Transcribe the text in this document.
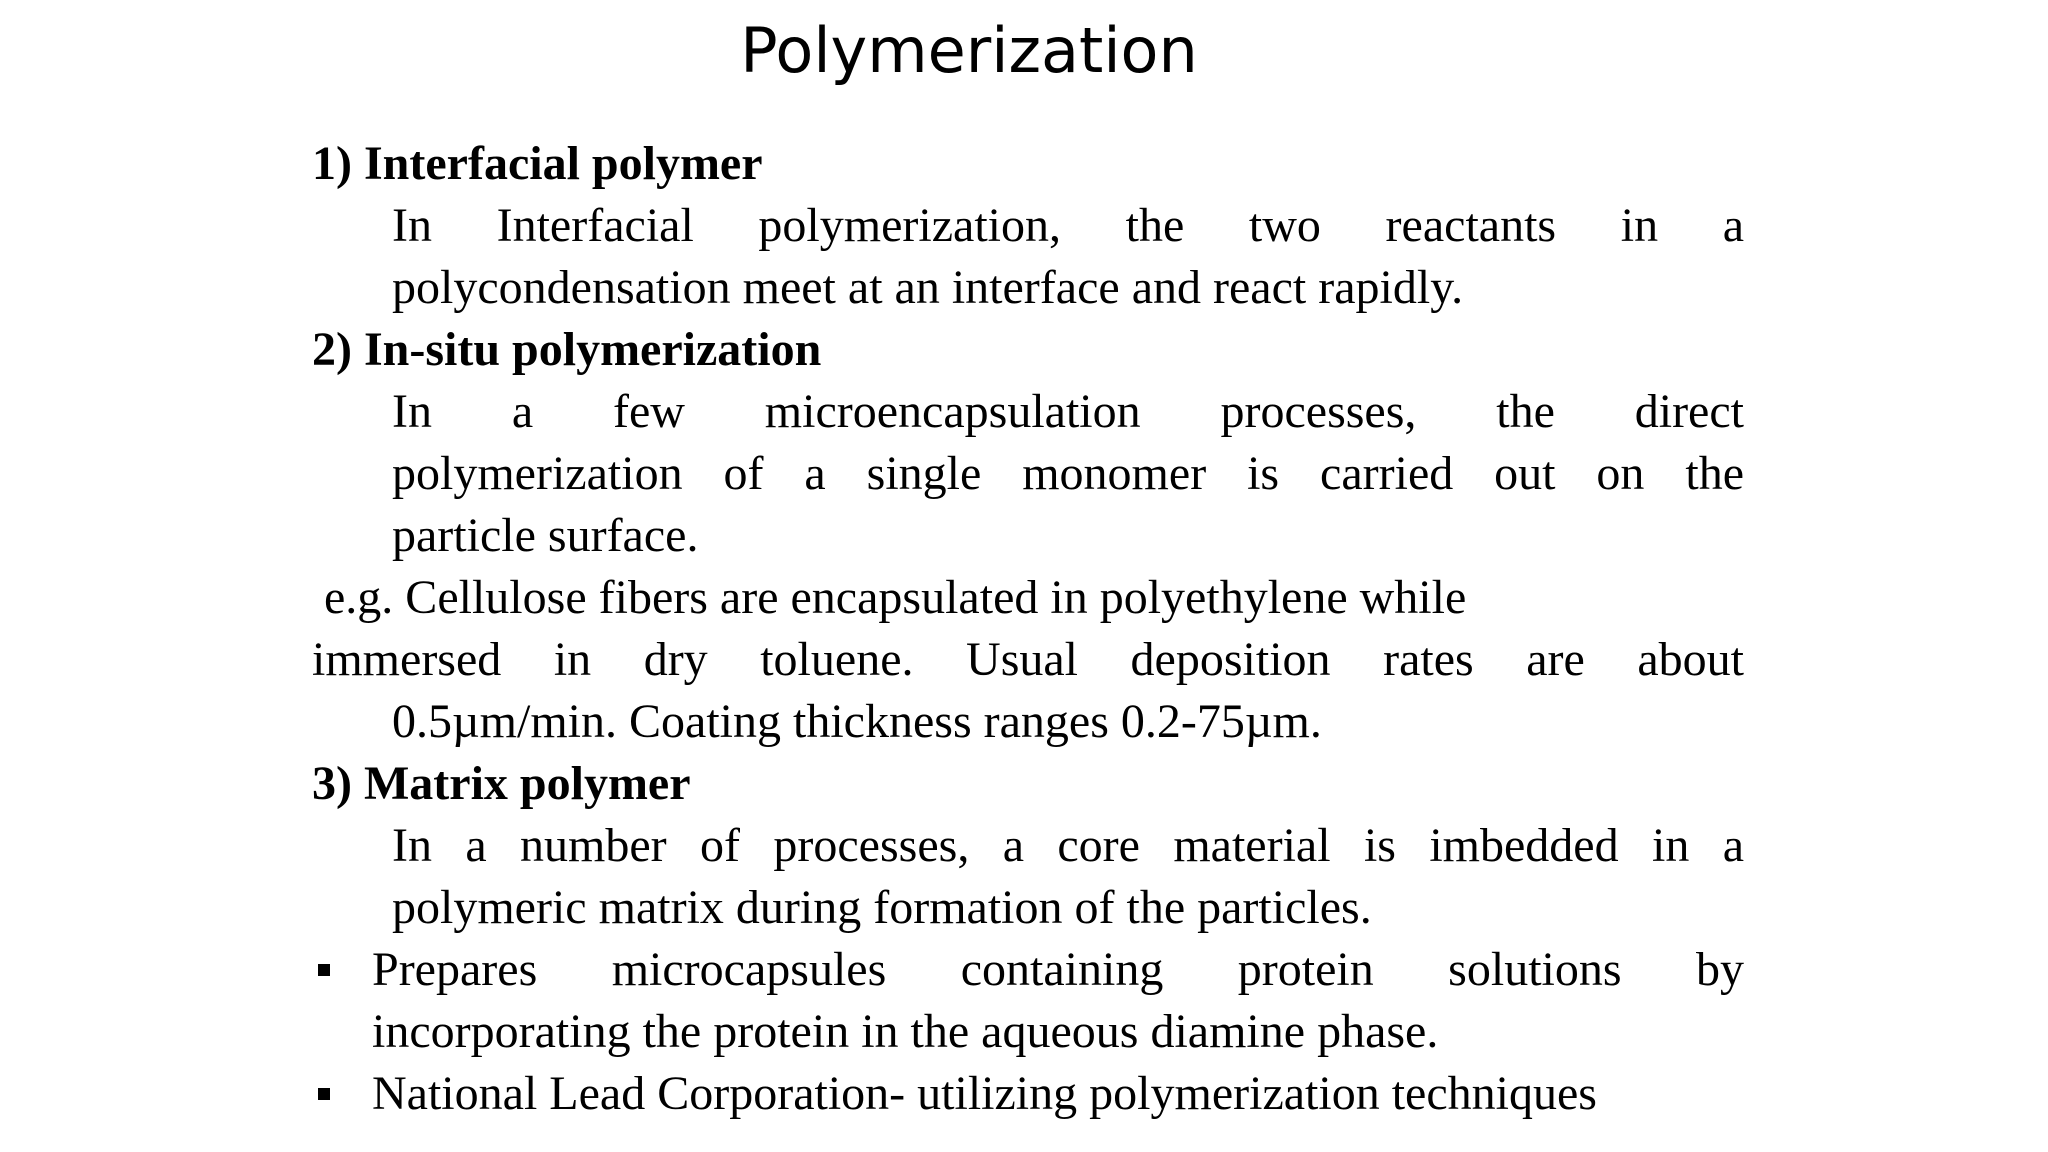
Polymerization
1) Interfacial polymer
In Interfacial polymerization, the two reactants in a
polycondensation meet at an interface and react rapidly.
2) In-situ polymerization
In a few microencapsulation processes, the direct
polymerization of a single monomer is carried out on the
particle surface.
e.g. Cellulose fibers are encapsulated in polyethylene while
immersed in dry toluene. Usual deposition rates are about
0.5µm/min. Coating thickness ranges 0.2-75µm.
3) Matrix polymer
In a number of processes, a core material is imbedded in a
polymeric matrix during formation of the particles.
Prepares microcapsules containing protein solutions by
incorporating the protein in the aqueous diamine phase.
National Lead Corporation- utilizing polymerization techniques
